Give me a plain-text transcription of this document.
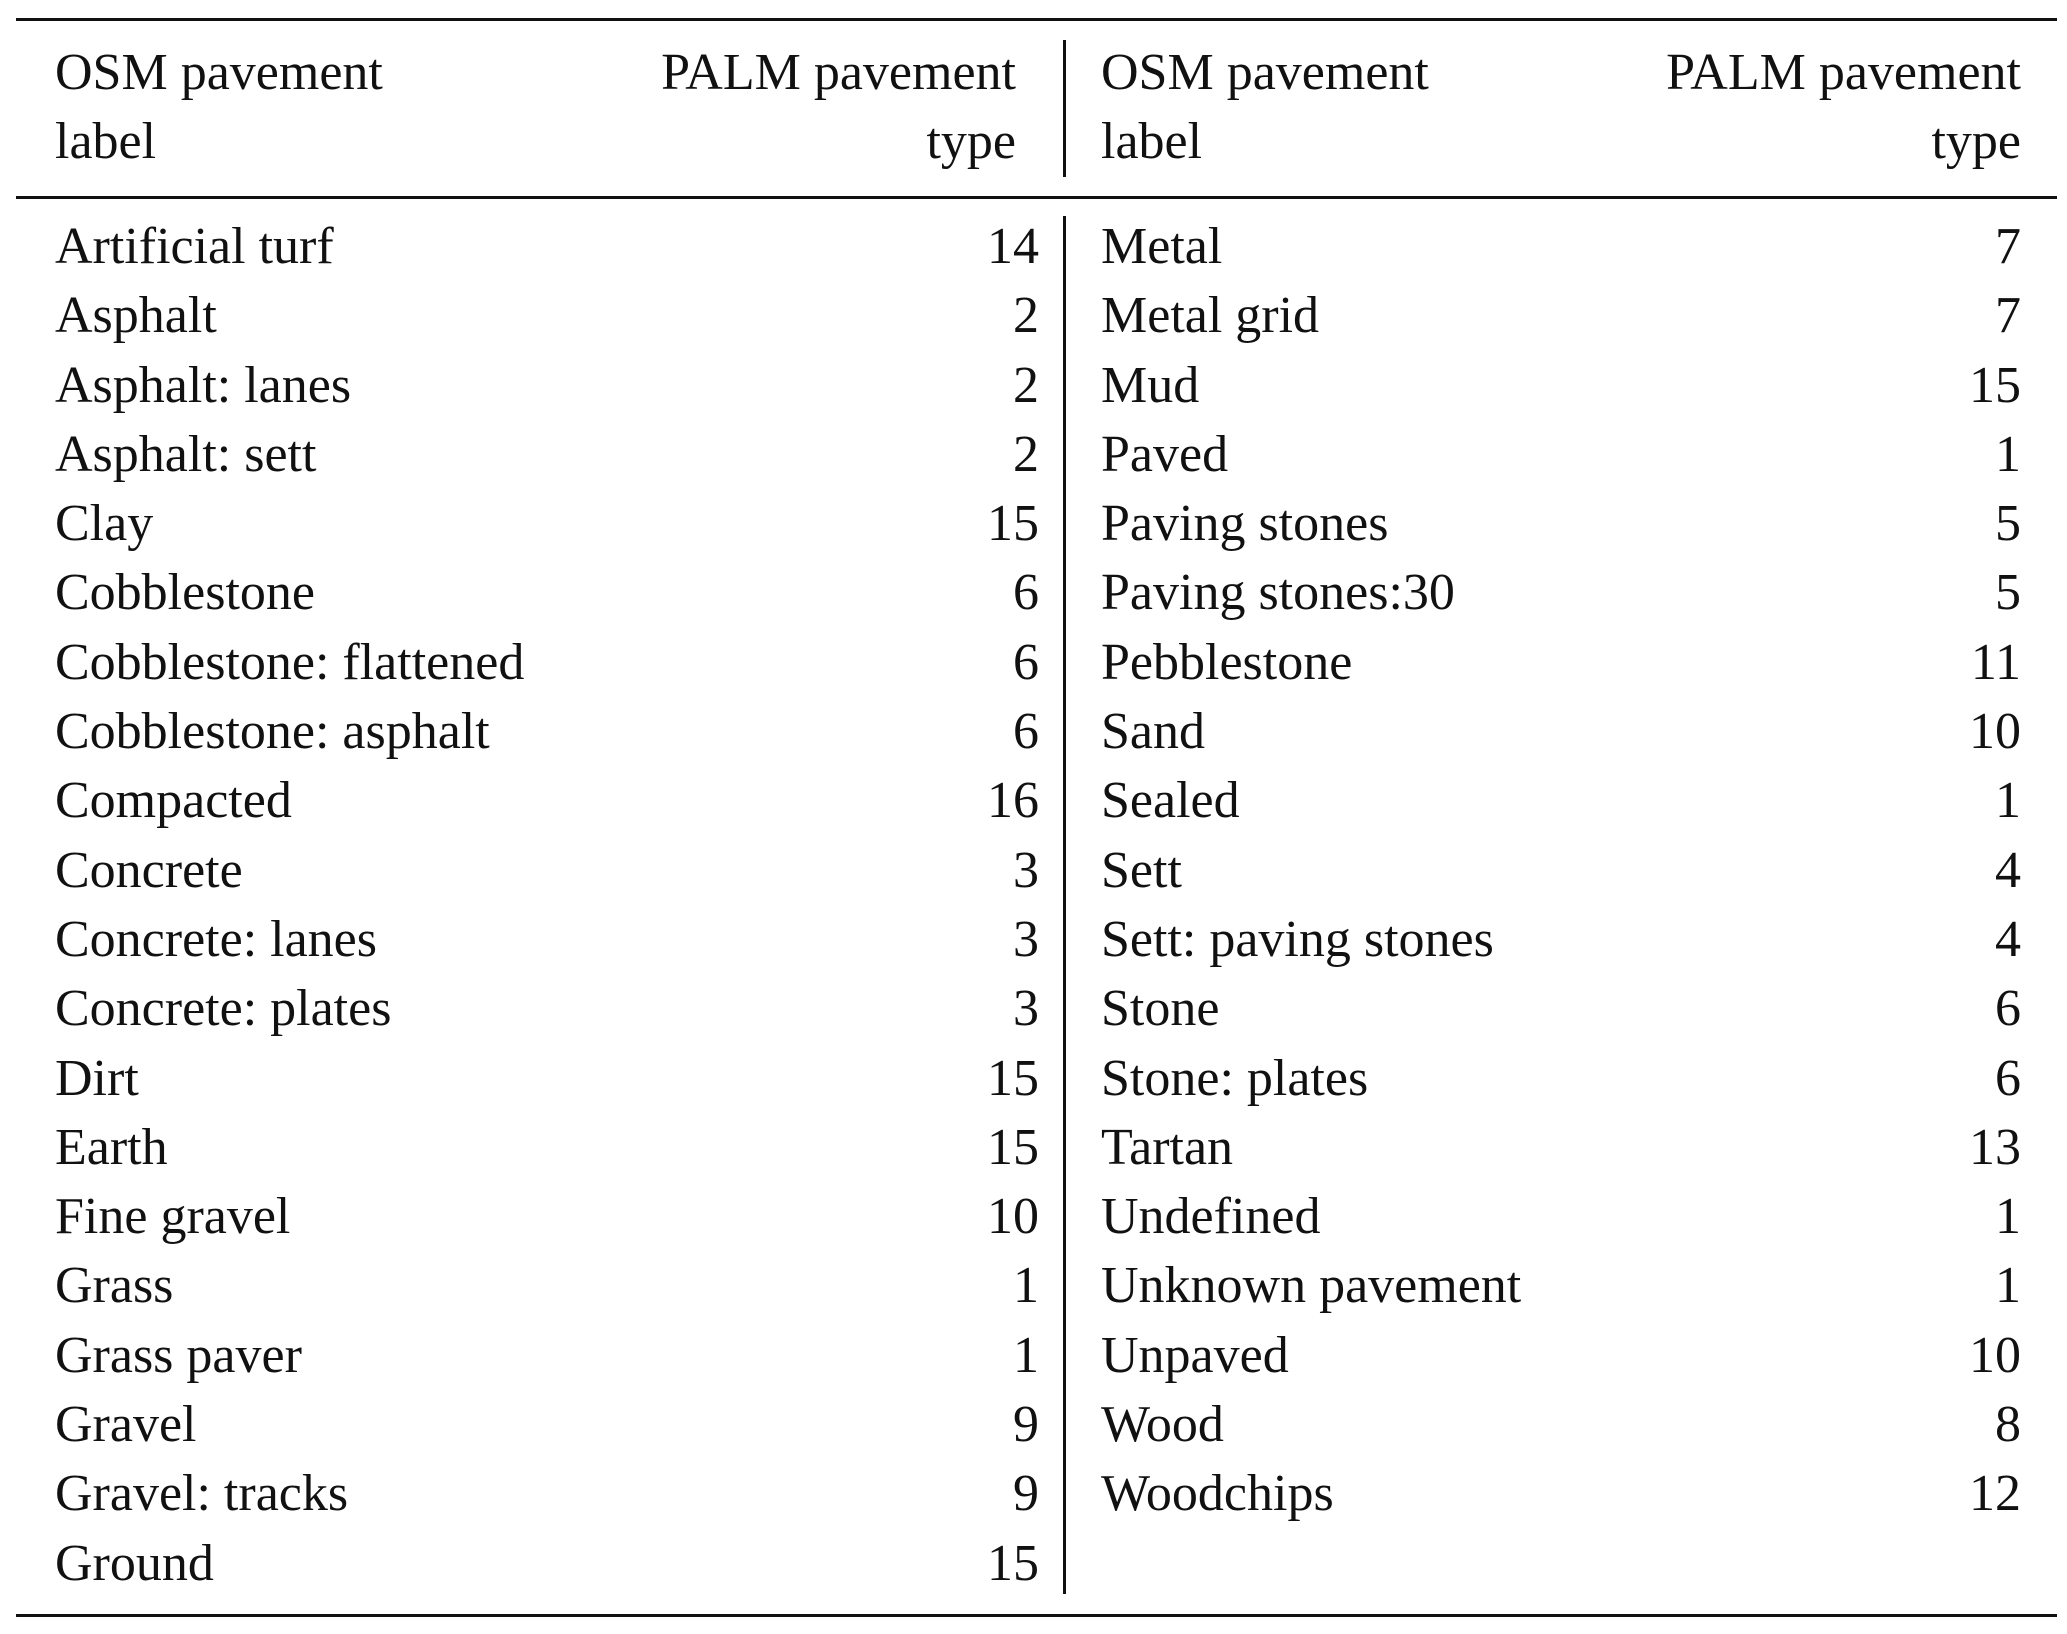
OSM pavement
label
PALM pavement
type
OSM pavement
label
PALM pavement
type
Artificial turf	14
Asphalt	2
Asphalt: lanes	2
Asphalt: sett	2
Clay	15
Cobblestone	6
Cobblestone: flattened	6
Cobblestone: asphalt	6
Compacted	16
Concrete	3
Concrete: lanes	3
Concrete: plates	3
Dirt	15
Earth	15
Fine gravel	10
Grass	1
Grass paver	1
Gravel	9
Gravel: tracks	9
Ground	15
Metal	7
Metal grid	7
Mud	15
Paved	1
Paving stones	5
Paving stones:30	5
Pebblestone	11
Sand	10
Sealed	1
Sett	4
Sett: paving stones	4
Stone	6
Stone: plates	6
Tartan	13
Undefined	1
Unknown pavement	1
Unpaved	10
Wood	8
Woodchips	12
